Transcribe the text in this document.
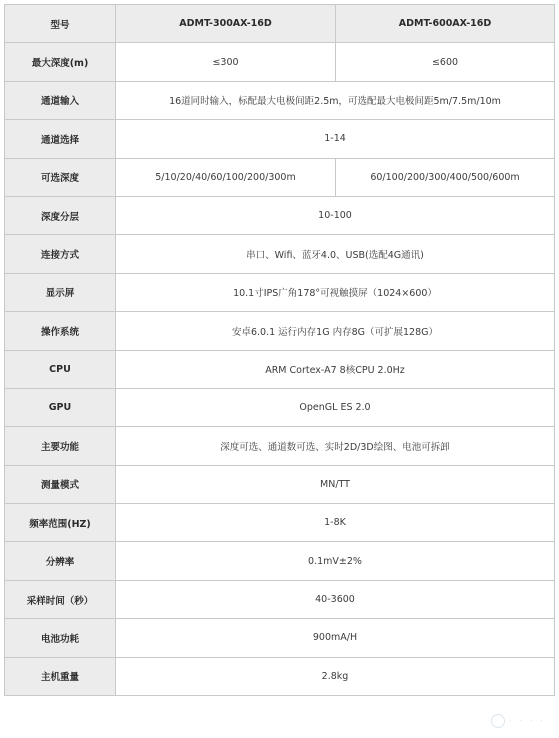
型号	ADMT-300AX-16D	ADMT-600AX-16D
最大深度(m)	≤300	≤600
通道输入	16道同时输入，标配最大电极间距2.5m，可选配最大电极间距5m/7.5m/10m	
通道选择	1-14	
可选深度	5/10/20/40/60/100/200/300m	60/100/200/300/400/500/600m
深度分层	10-100	
连接方式	串口、Wifi、蓝牙4.0、USB(选配4G通讯)	
显示屏	10.1寸IPS广角178°可视触摸屏（1024×600）	
操作系统	安卓6.0.1 运行内存1G 内存8G（可扩展128G）	
CPU	ARM Cortex-A7 8核CPU 2.0Hz	
GPU	OpenGL ES 2.0	
主要功能	深度可选、通道数可选、实时2D/3D绘图、电池可拆卸	
测量模式	MN/TT	
频率范围(HZ)	1-8K	
分辨率	0.1mV±2%	
采样时间（秒）	40-3600	
电池功耗	900mA/H	
主机重量	2.8kg	
· · · ·
